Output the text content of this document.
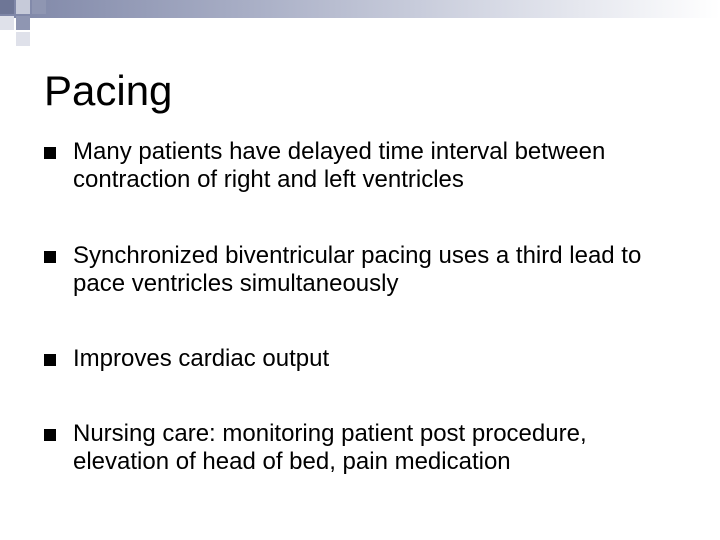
Pacing
Many patients have delayed time interval between contraction of right and left ventricles
Synchronized biventricular pacing uses a third lead to pace ventricles simultaneously
Improves cardiac output
Nursing care: monitoring patient post procedure, elevation of head of bed, pain medication
